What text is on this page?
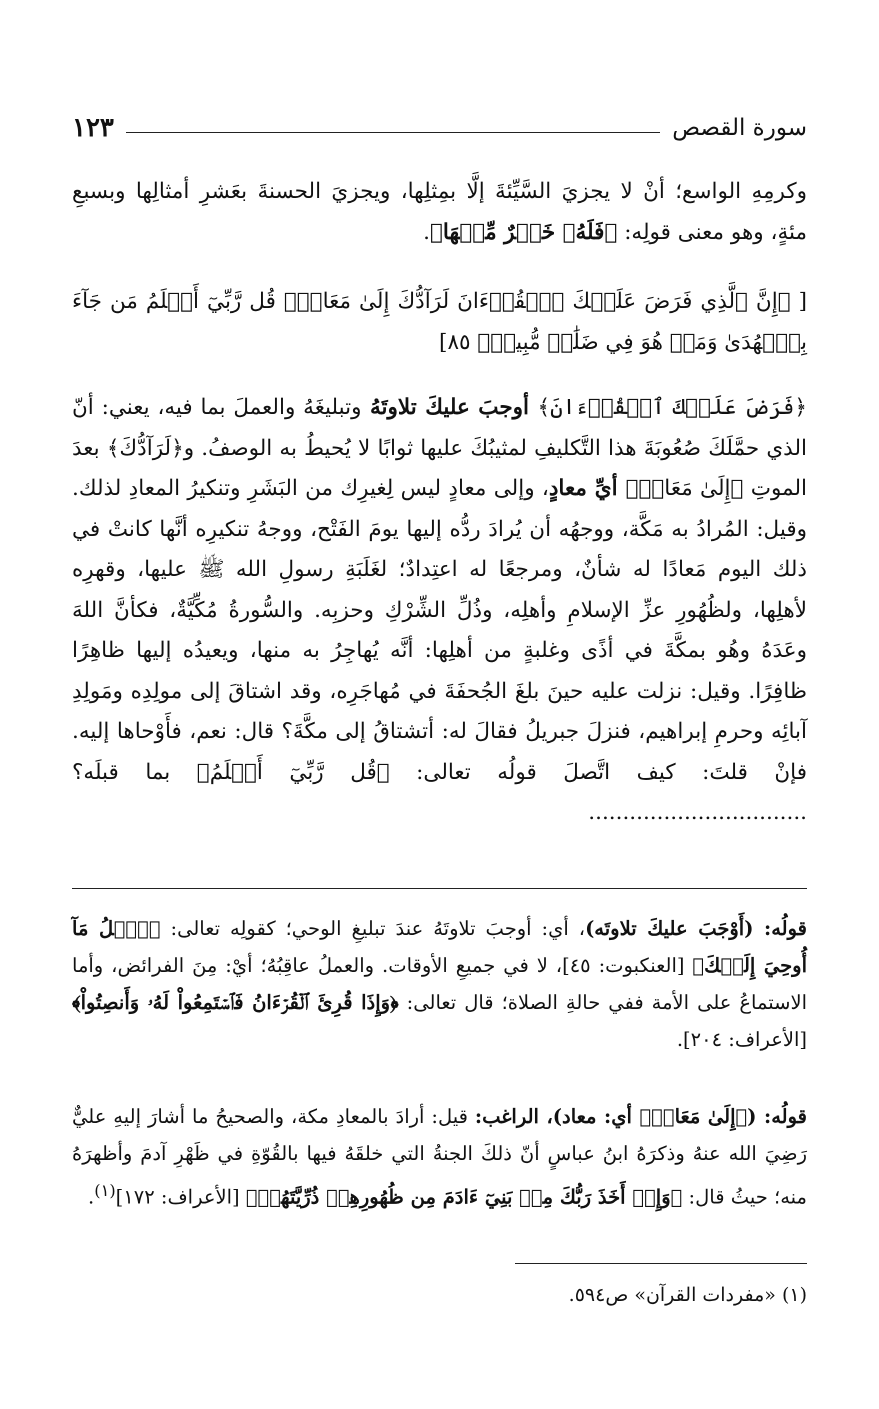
سورة القصص
١٢٣

وكرمِهِ الواسع؛ أنْ لا يجزيَ السَّيِّئةَ إلَّا بمِثلِها، ويجزيَ الحسنةَ بعَشرِ أمثالِها وبسبعِ مئةٍ، وهو معنى قولِه: ﴿فَلَهُۥ خَيۡرٌ مِّنۡهَا﴾.

[ ﴿إِنَّ ٱلَّذِي فَرَضَ عَلَيۡكَ ٱلۡقُرۡءَانَ لَرَآدُّكَ إِلَىٰ مَعَادٖۚ قُل رَّبِّيٓ أَعۡلَمُ مَن جَآءَ بِٱلۡهُدَىٰ وَمَنۡ هُوَ فِي ضَلَٰلٖ مُّبِينٖ﴾ ٨٥]

﴿فَرَضَ عَلَيۡكَ ٱلۡقُرۡءَانَ﴾ أوجبَ عليكَ تلاوتَهُ وتبليغَهُ والعملَ بما فيه، يعني: أنّ الذي حمَّلَكَ صُعُوبَةَ هذا التَّكليفِ لمثيبُكَ عليها ثوابًا لا يُحيطُ به الوصفُ. و﴿لَرَآدُّكَ﴾ بعدَ الموتِ ﴿إِلَىٰ مَعَادٖ﴾ أيِّ معادٍ، وإلى معادٍ ليس لِغيرِك من البَشَرِ وتنكيرُ المعادِ لذلك. وقيل: المُرادُ به مَكَّة، ووجهُه أن يُرادَ ردُّه إليها يومَ الفَتْح، ووجهُ تنكيرِه أنَّها كانتْ في ذلك اليوم مَعادًا له شأنٌ، ومرجعًا له اعتِدادٌ؛ لغَلَبَةِ رسولِ الله ﷺ عليها، وقهرِه لأهلِها، ولظُهُورِ عزِّ الإسلامِ وأهلِه، وذُلِّ الشِّرْكِ وحزبِه. والسُّورةُ مُكِّيَّةٌ، فكأنَّ اللهَ وعَدَهُ وهُو بمكَّةَ في أذًى وغلبةٍ من أهلِها: أنَّه يُهاجِرُ به منها، ويعيدُه إليها ظاهِرًا ظافِرًا. وقيل: نزلت عليه حينَ بلغَ الجُحفَةَ في مُهاجَرِه، وقد اشتاقَ إلى مولِدِه ومَولِدِ آبائِه وحرمِ إبراهيم، فنزلَ جبريلُ فقالَ له: أتشتاقُ إلى مكَّةَ؟ قال: نعم، فأَوْحاها إليه. فإنْ قلتَ: كيف اتَّصلَ قولُه تعالى: ﴿قُل رَّبِّيٓ أَعۡلَمُ﴾ بما قبلَه؟ ................................

قولُه: (أَوْجَبَ عليكَ تلاوتَه)، أي: أوجبَ تلاوتَهُ عندَ تبليغِ الوحي؛ كقولِه تعالى: ﴿ٱتۡلُ مَآ أُوحِيَ إِلَيۡكَ﴾ [العنكبوت: ٤٥]، لا في جميعِ الأوقات. والعملُ عاقِبُهُ؛ أيْ: مِنَ الفرائض، وأما الاستماعُ على الأمة ففي حالةِ الصلاة؛ قال تعالى: ﴿وَإِذَا قُرِئَ ٱلۡقُرۡءَانُ فَٱسۡتَمِعُواْ لَهُۥ وَأَنصِتُواْ﴾ [الأعراف: ٢٠٤].

قولُه: (﴿إِلَىٰ مَعَادٖ﴾ أي: معاد)، الراغب: قيل: أرادَ بالمعادِ مكة، والصحيحُ ما أشارَ إليهِ عليٌّ رَضِيَ الله عنهُ وذكرَهُ ابنُ عباسٍ أنّ ذلكَ الجنةُ التي خلقَهُ فيها بالقُوّةِ في ظَهْرِ آدمَ وأظهرَهُ منه؛ حيثُ قال: ﴿وَإِذۡ أَخَذَ رَبُّكَ مِنۢ بَنِيٓ ءَادَمَ مِن ظُهُورِهِمۡ ذُرِّيَّتَهُمۡ﴾ [الأعراف: ١٧٢]$^{(١)}$.

(١) «مفردات القرآن» ص٥٩٤.
